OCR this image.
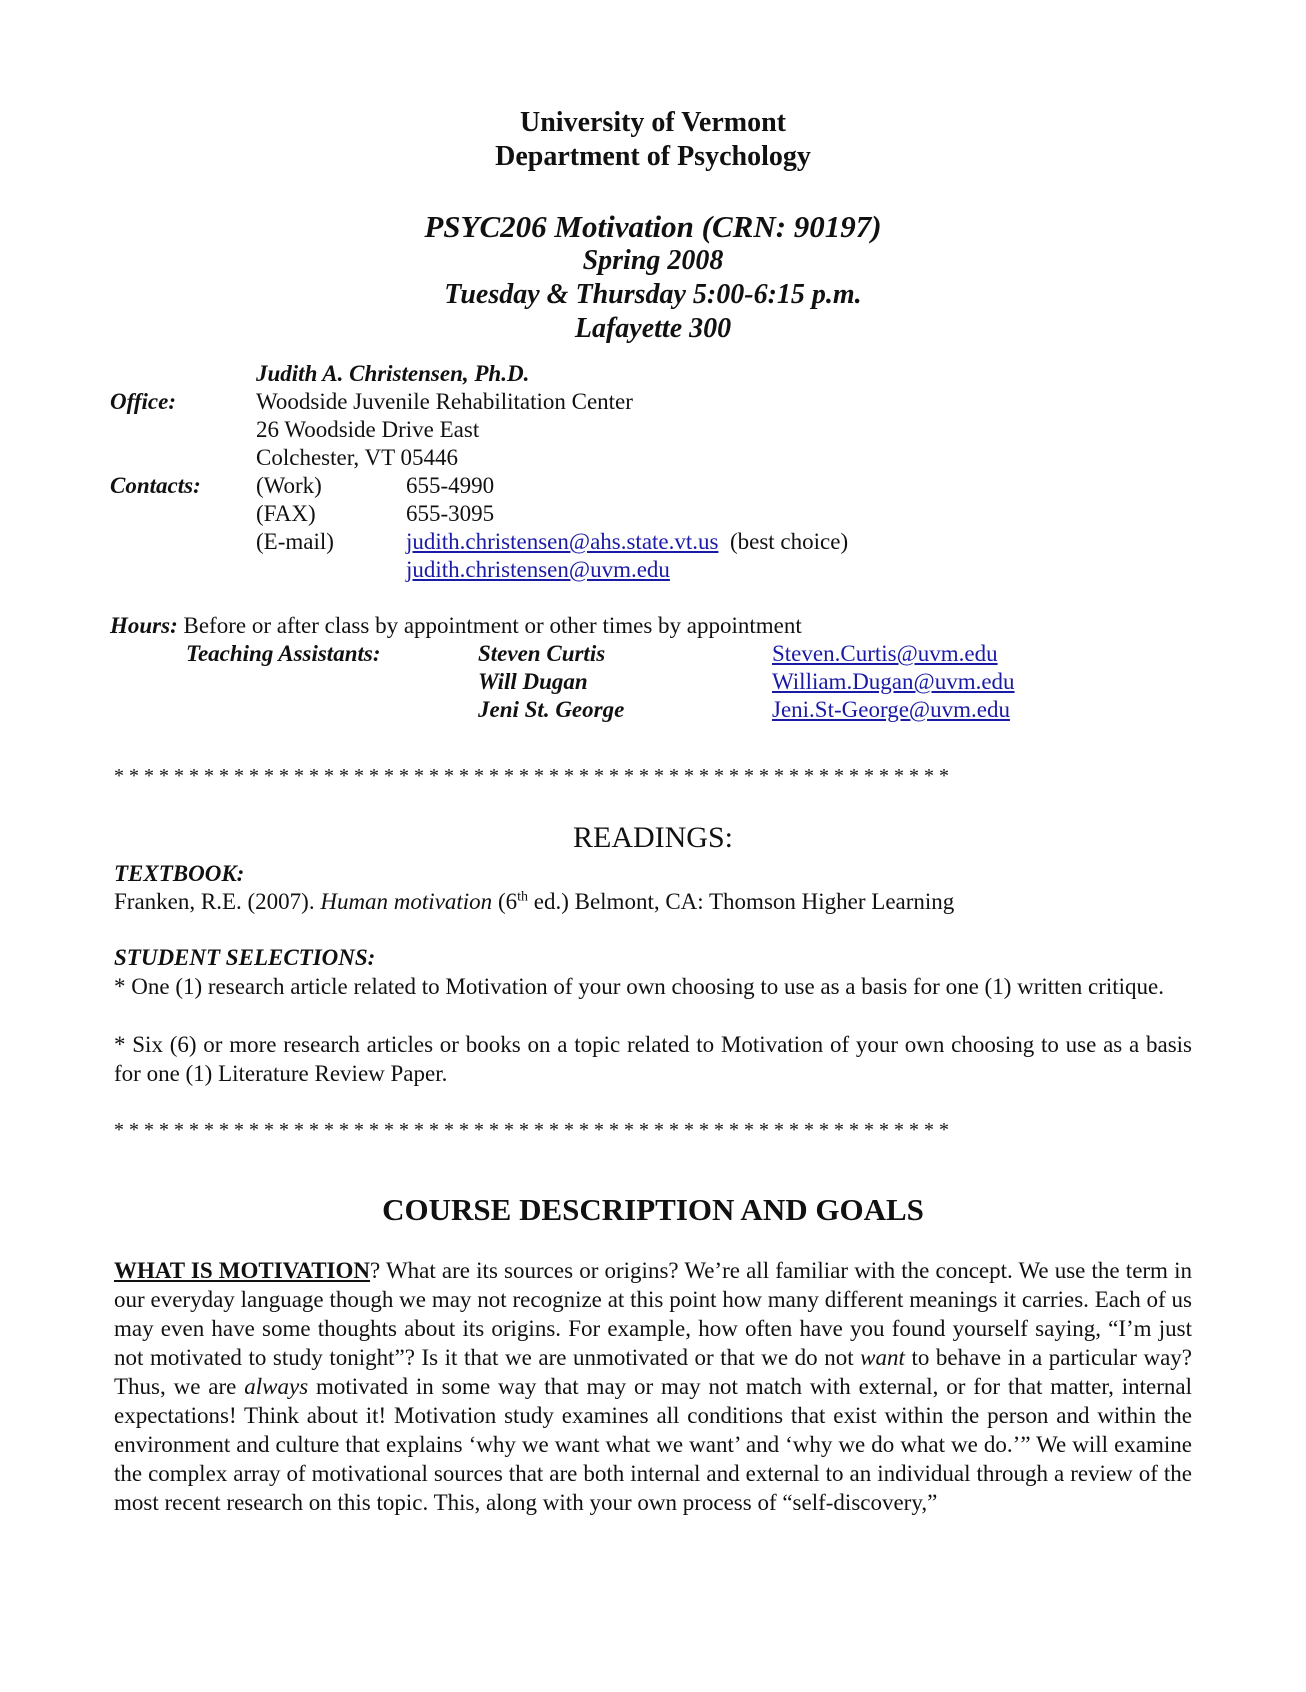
University of Vermont
Department of Psychology
PSYC206 Motivation (CRN: 90197)
Spring 2008
Tuesday & Thursday 5:00-6:15 p.m.
Lafayette 300
Judith A. Christensen, Ph.D.
Office:	Woodside Juvenile Rehabilitation Center
26 Woodside Drive East
Colchester, VT 05446
Contacts: (Work)	655-4990
(FAX)	655-3095
(E-mail)	judith.christensen@ahs.state.vt.us (best choice)
judith.christensen@uvm.edu
Hours: Before or after class by appointment or other times by appointment
Teaching Assistants:	Steven Curtis	Steven.Curtis@uvm.edu
Will Dugan	William.Dugan@uvm.edu
Jeni St. George	Jeni.St-George@uvm.edu
* * * * * * * * * * * * * * * * * * * * * * * * * * * * * * * * * * * * * * * * * * * * * * * * * * * * * * * *
READINGS:
TEXTBOOK:
Franken, R.E. (2007). Human motivation (6th ed.) Belmont, CA: Thomson Higher Learning
STUDENT SELECTIONS:
* One (1) research article related to Motivation of your own choosing to use as a basis for one (1) written critique.
* Six (6) or more research articles or books on a topic related to Motivation of your own choosing to use as a basis for one (1) Literature Review Paper.
* * * * * * * * * * * * * * * * * * * * * * * * * * * * * * * * * * * * * * * * * * * * * * * * * * * * * * * *
COURSE DESCRIPTION AND GOALS
WHAT IS MOTIVATION? What are its sources or origins? We’re all familiar with the concept. We use the term in our everyday language though we may not recognize at this point how many different meanings it carries. Each of us may even have some thoughts about its origins. For example, how often have you found yourself saying, “I’m just not motivated to study tonight”? Is it that we are unmotivated or that we do not want to behave in a particular way? Thus, we are always motivated in some way that may or may not match with external, or for that matter, internal expectations! Think about it! Motivation study examines all conditions that exist within the person and within the environment and culture that explains ‘why we want what we want’ and ‘why we do what we do.’” We will examine the complex array of motivational sources that are both internal and external to an individual through a review of the most recent research on this topic. This, along with your own process of “self-discovery,”
